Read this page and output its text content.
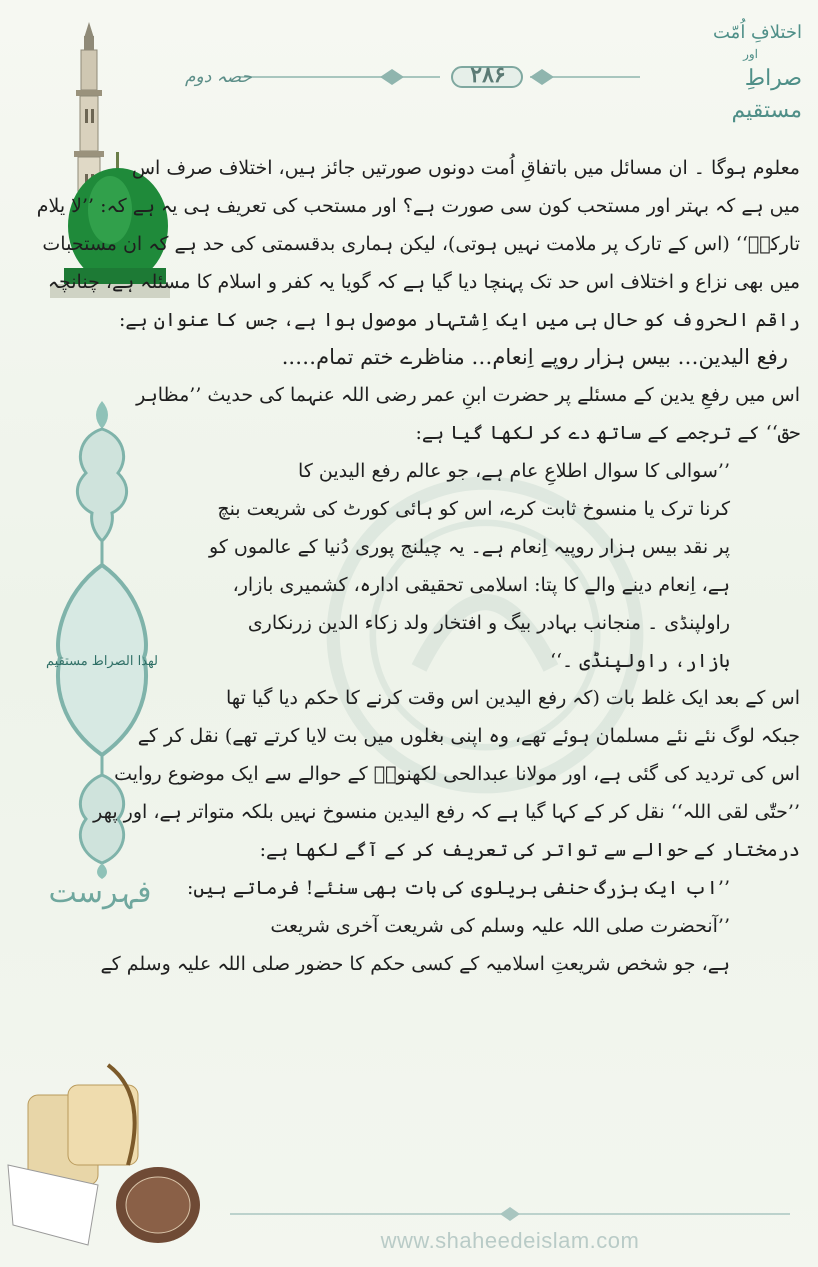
لھذا الصراط مستقیم
فہرست
۲۸۶
حصہ دوم
اختلافِ اُمّت
اور
صراطِ مستقیم
معلوم ہوگا ۔ ان مسائل میں باتفاقِ اُمت دونوں صورتیں جائز ہیں، اختلاف صرف اس
میں ہے کہ بہتر اور مستحب کون سی صورت ہے؟ اور مستحب کی تعریف ہی یہ ہے کہ: ’’لا یلام
تارکہٗ‘‘ (اس کے تارک پر ملامت نہیں ہوتی)، لیکن ہماری بدقسمتی کی حد ہے کہ ان مستحبات
میں بھی نزاع و اختلاف اس حد تک پہنچا دیا گیا ہے کہ گویا یہ کفر و اسلام کا مسئلہ ہے، چنانچہ
راقم الحروف کو حال ہی میں ایک اِشتہار موصول ہوا ہے، جس کا عنوان ہے:
رفع الیدین… بیس ہزار روپے اِنعام… مناظرے ختم تمام…..
اس میں رفعِ یدین کے مسئلے پر حضرت ابنِ عمر رضی اللہ عنہما کی حدیث ’’مظاہر
حق‘‘ کے ترجمے کے ساتھ دے کر لکھا گیا ہے:
’’سوالی کا سوال اطلاعِ عام ہے، جو عالم رفع الیدین کا
کرنا ترک یا منسوخ ثابت کرے، اس کو ہائی کورٹ کی شریعت بنچ
پر نقد بیس ہزار روپیہ اِنعام ہے۔ یہ چیلنج پوری دُنیا کے عالموں کو
ہے، اِنعام دینے والے کا پتا: اسلامی تحقیقی ادارہ، کشمیری بازار،
راولپنڈی ۔ منجانب بہادر بیگ و افتخار ولد زکاء الدین زرنکاری
بازار، راولپنڈی ۔‘‘
اس کے بعد ایک غلط بات (کہ رفع الیدین اس وقت کرنے کا حکم دیا گیا تھا
جبکہ لوگ نئے نئے مسلمان ہوئے تھے، وہ اپنی بغلوں میں بت لایا کرتے تھے) نقل کر کے
اس کی تردید کی گئی ہے، اور مولانا عبدالحی لکھنویؒ کے حوالے سے ایک موضوع روایت
’’حتّٰی لقی اللہ‘‘ نقل کر کے کہا گیا ہے کہ رفع الیدین منسوخ نہیں بلکہ متواتر ہے، اور پھر
درمختار کے حوالے سے تواتر کی تعریف کر کے آگے لکھا ہے:
’’اب ایک بزرگ حنفی بریلوی کی بات بھی سنئے! فرماتے ہیں:
’’آنحضرت صلی اللہ علیہ وسلم کی شریعت آخری شریعت
ہے، جو شخص شریعتِ اسلامیہ کے کسی حکم کا حضور صلی اللہ علیہ وسلم کے
www.shaheedeislam.com
